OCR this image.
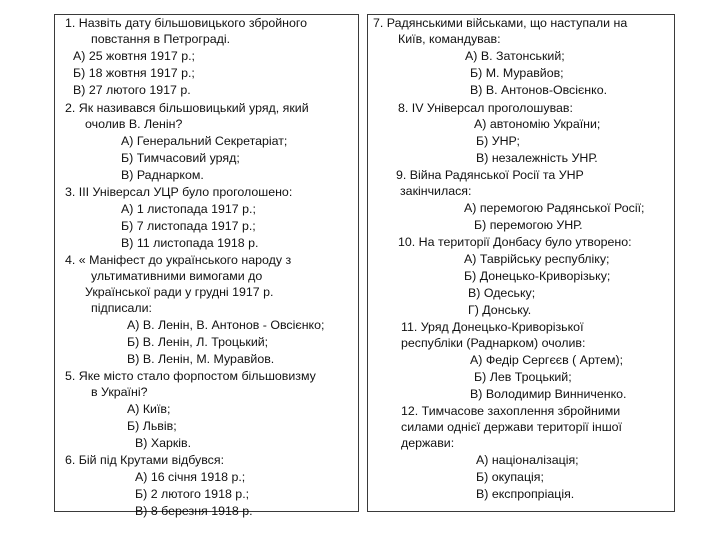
1. Назвіть дату більшовицького збройного
повстання в Петрограді.
А) 25 жовтня 1917 р.;
Б) 18 жовтня 1917 р.;
В) 27 лютого 1917 р.
2. Як називався більшовицький уряд, який
очолив В. Ленін?
А) Генеральний Секретаріат;
Б) Тимчасовий уряд;
В) Раднарком.
3. ІІІ Універсал УЦР було проголошено:
А) 1 листопада 1917 р.;
Б) 7 листопада 1917 р.;
В) 11 листопада 1918 р.
4. « Маніфест до українського народу з
ультимативними вимогами до
Української ради у грудні 1917 р.
підписали:
А) В. Ленін, В. Антонов - Овсієнко;
Б) В. Ленін, Л. Троцький;
В) В. Ленін, М. Муравйов.
5. Яке місто стало форпостом більшовизму
в Україні?
А) Київ;
Б) Львів;
В) Харків.
6. Бій під Крутами відбувся:
А) 16 січня 1918 р.;
Б) 2 лютого 1918 р.;
В) 8 березня 1918 р.
7. Радянськими військами, що наступали на
Київ, командував:
А) В. Затонський;
Б) М. Муравйов;
В) В. Антонов-Овсієнко.
8. IV Універсал проголошував:
А) автономію України;
Б) УНР;
В) незалежність УНР.
9. Війна Радянської Росії та УНР
закінчилася:
А) перемогою Радянської Росії;
Б) перемогою УНР.
10. На території Донбасу було утворено:
А) Таврійську республіку;
Б) Донецько-Криворізьку;
В) Одеську;
Г) Донську.
11. Уряд Донецько-Криворізької
республіки (Раднарком) очолив:
А) Федір Сергєєв ( Артем);
Б) Лев Троцький;
В) Володимир Винниченко.
12. Тимчасове захоплення збройними
силами однієї держави території іншої
держави:
А) націоналізація;
Б) окупація;
В) експропріація.
